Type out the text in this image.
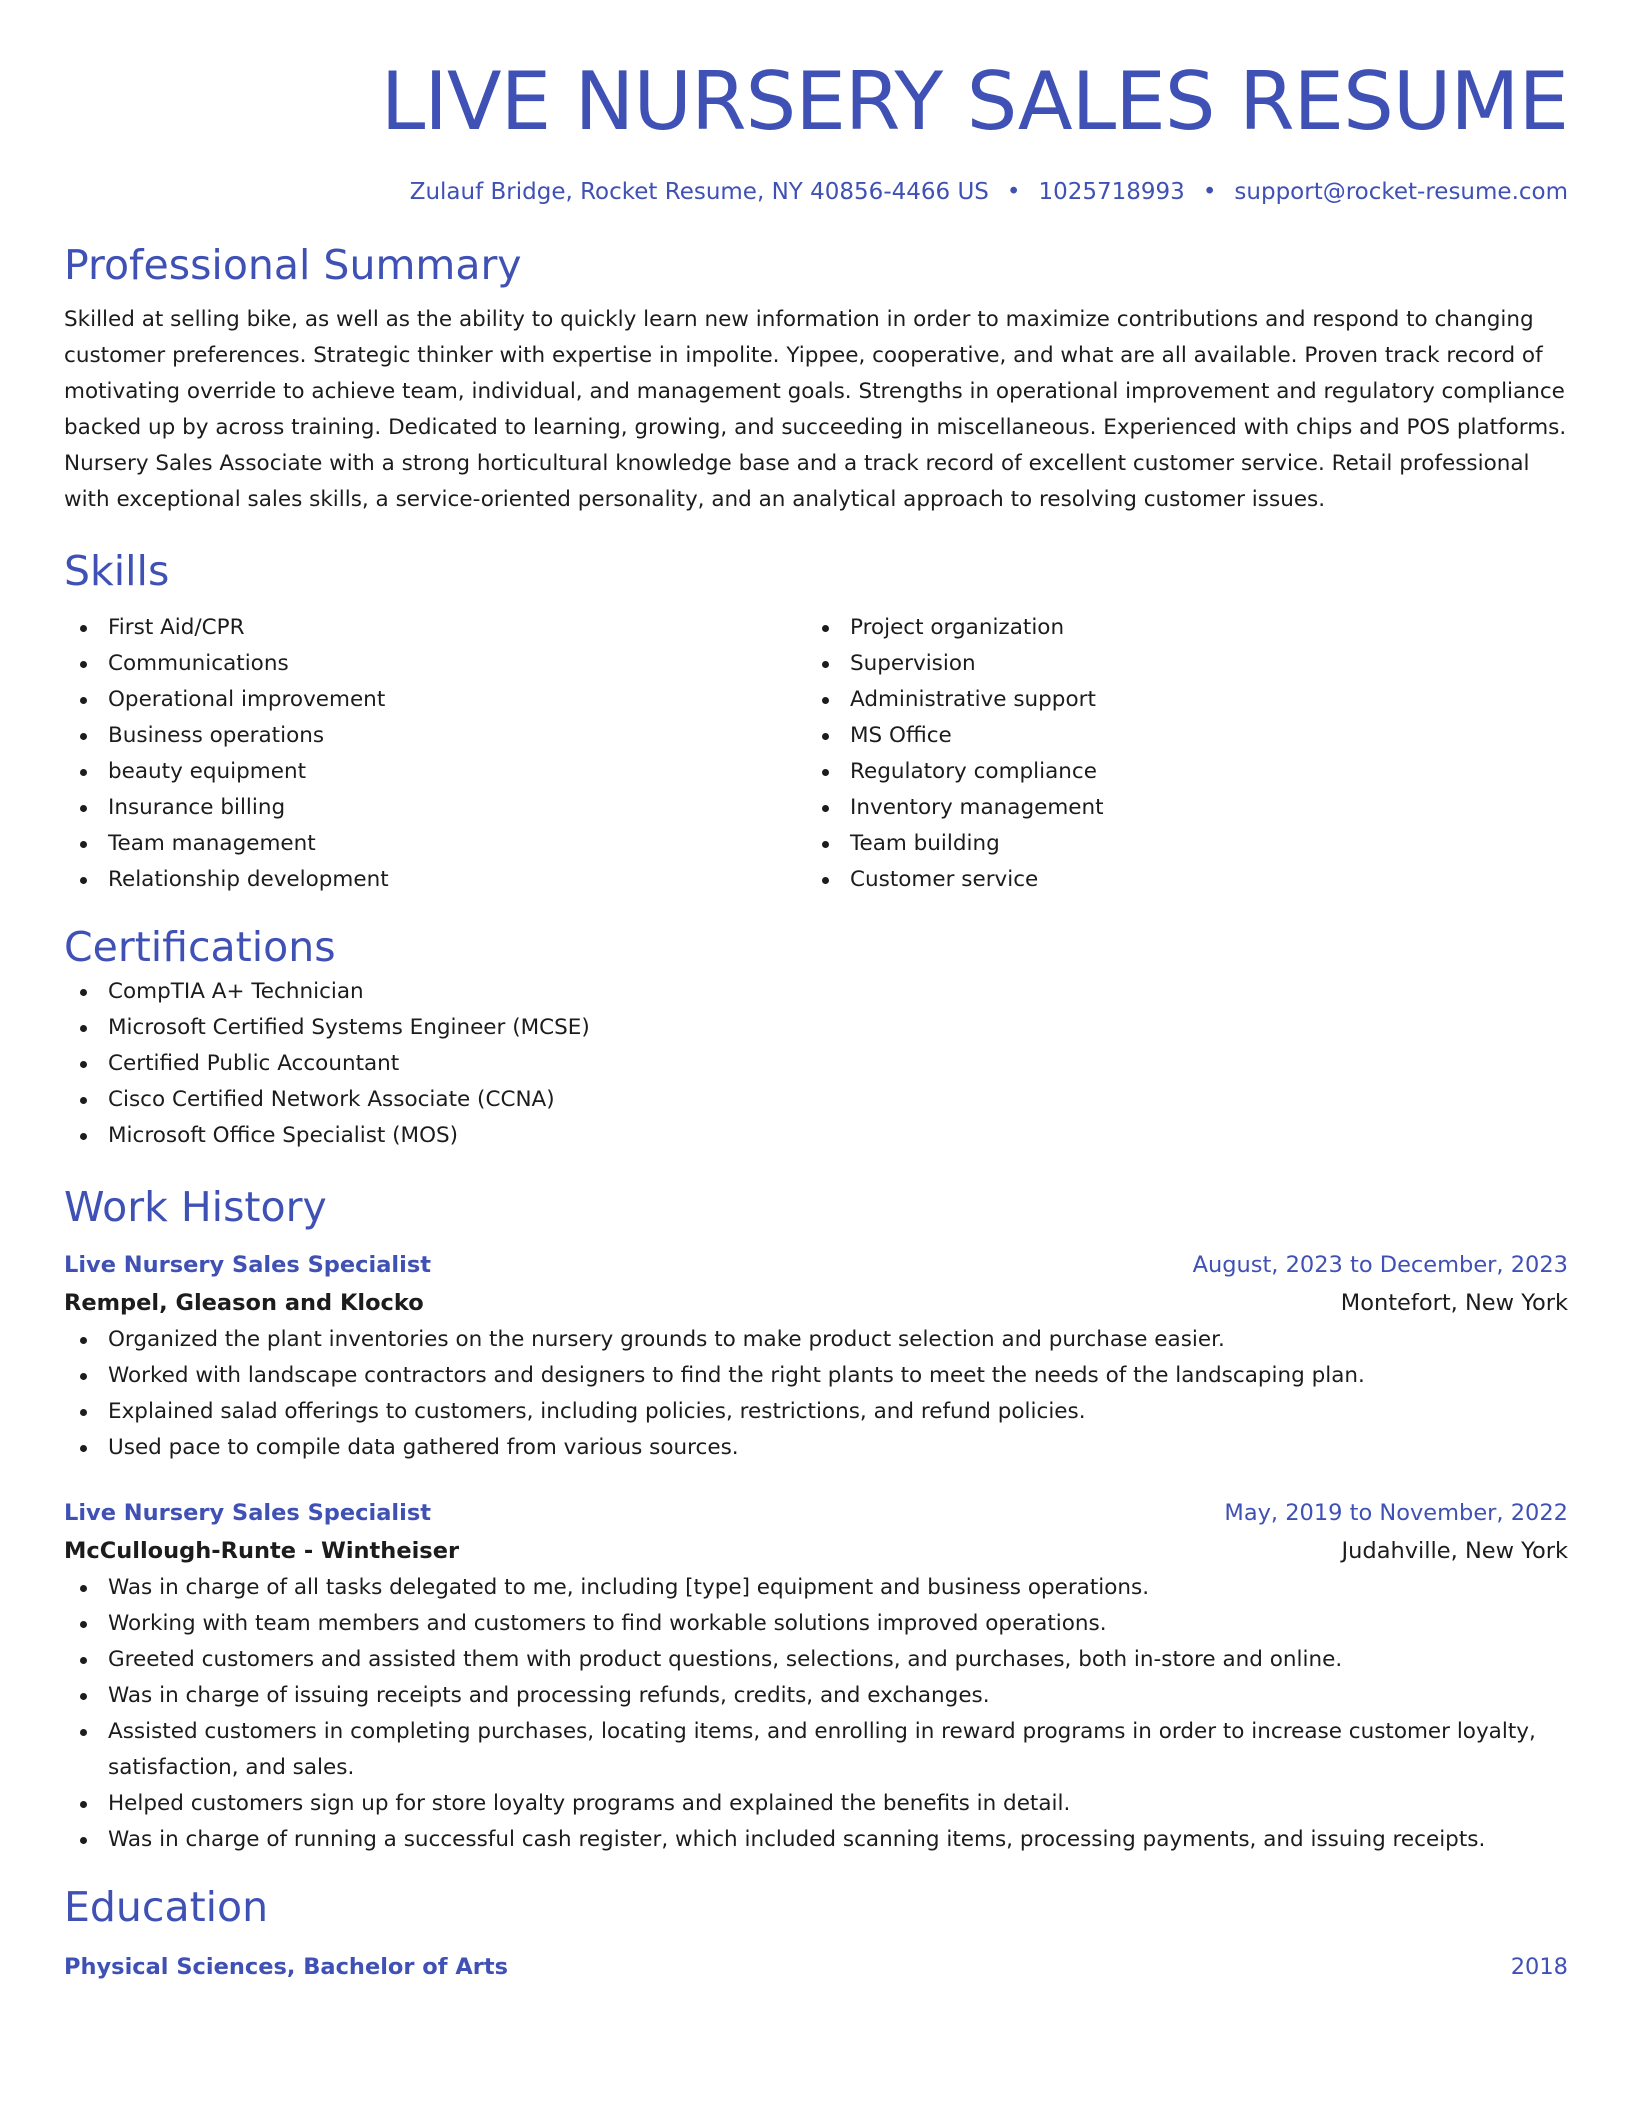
LIVE NURSERY SALES RESUME
Zulauf Bridge, Rocket Resume, NY 40856-4466 US • 1025718993 • support@rocket-resume.com
Professional Summary
Skilled at selling bike, as well as the ability to quickly learn new information in order to maximize contributions and respond to changing customer preferences. Strategic thinker with expertise in impolite. Yippee, cooperative, and what are all available. Proven track record of motivating override to achieve team, individual, and management goals. Strengths in operational improvement and regulatory compliance backed up by across training. Dedicated to learning, growing, and succeeding in miscellaneous. Experienced with chips and POS platforms. Nursery Sales Associate with a strong horticultural knowledge base and a track record of excellent customer service. Retail professional with exceptional sales skills, a service-oriented personality, and an analytical approach to resolving customer issues.
Skills
First Aid/CPR
Communications
Operational improvement
Business operations
beauty equipment
Insurance billing
Team management
Relationship development
Project organization
Supervision
Administrative support
MS Office
Regulatory compliance
Inventory management
Team building
Customer service
Certifications
CompTIA A+ Technician
Microsoft Certified Systems Engineer (MCSE)
Certified Public Accountant
Cisco Certified Network Associate (CCNA)
Microsoft Office Specialist (MOS)
Work History
Live Nursery Sales Specialist	August, 2023 to December, 2023
Rempel, Gleason and Klocko	Montefort, New York
Organized the plant inventories on the nursery grounds to make product selection and purchase easier.
Worked with landscape contractors and designers to find the right plants to meet the needs of the landscaping plan.
Explained salad offerings to customers, including policies, restrictions, and refund policies.
Used pace to compile data gathered from various sources.
Live Nursery Sales Specialist	May, 2019 to November, 2022
McCullough-Runte - Wintheiser	Judahville, New York
Was in charge of all tasks delegated to me, including [type] equipment and business operations.
Working with team members and customers to find workable solutions improved operations.
Greeted customers and assisted them with product questions, selections, and purchases, both in-store and online.
Was in charge of issuing receipts and processing refunds, credits, and exchanges.
Assisted customers in completing purchases, locating items, and enrolling in reward programs in order to increase customer loyalty, satisfaction, and sales.
Helped customers sign up for store loyalty programs and explained the benefits in detail.
Was in charge of running a successful cash register, which included scanning items, processing payments, and issuing receipts.
Education
Physical Sciences, Bachelor of Arts	2018
